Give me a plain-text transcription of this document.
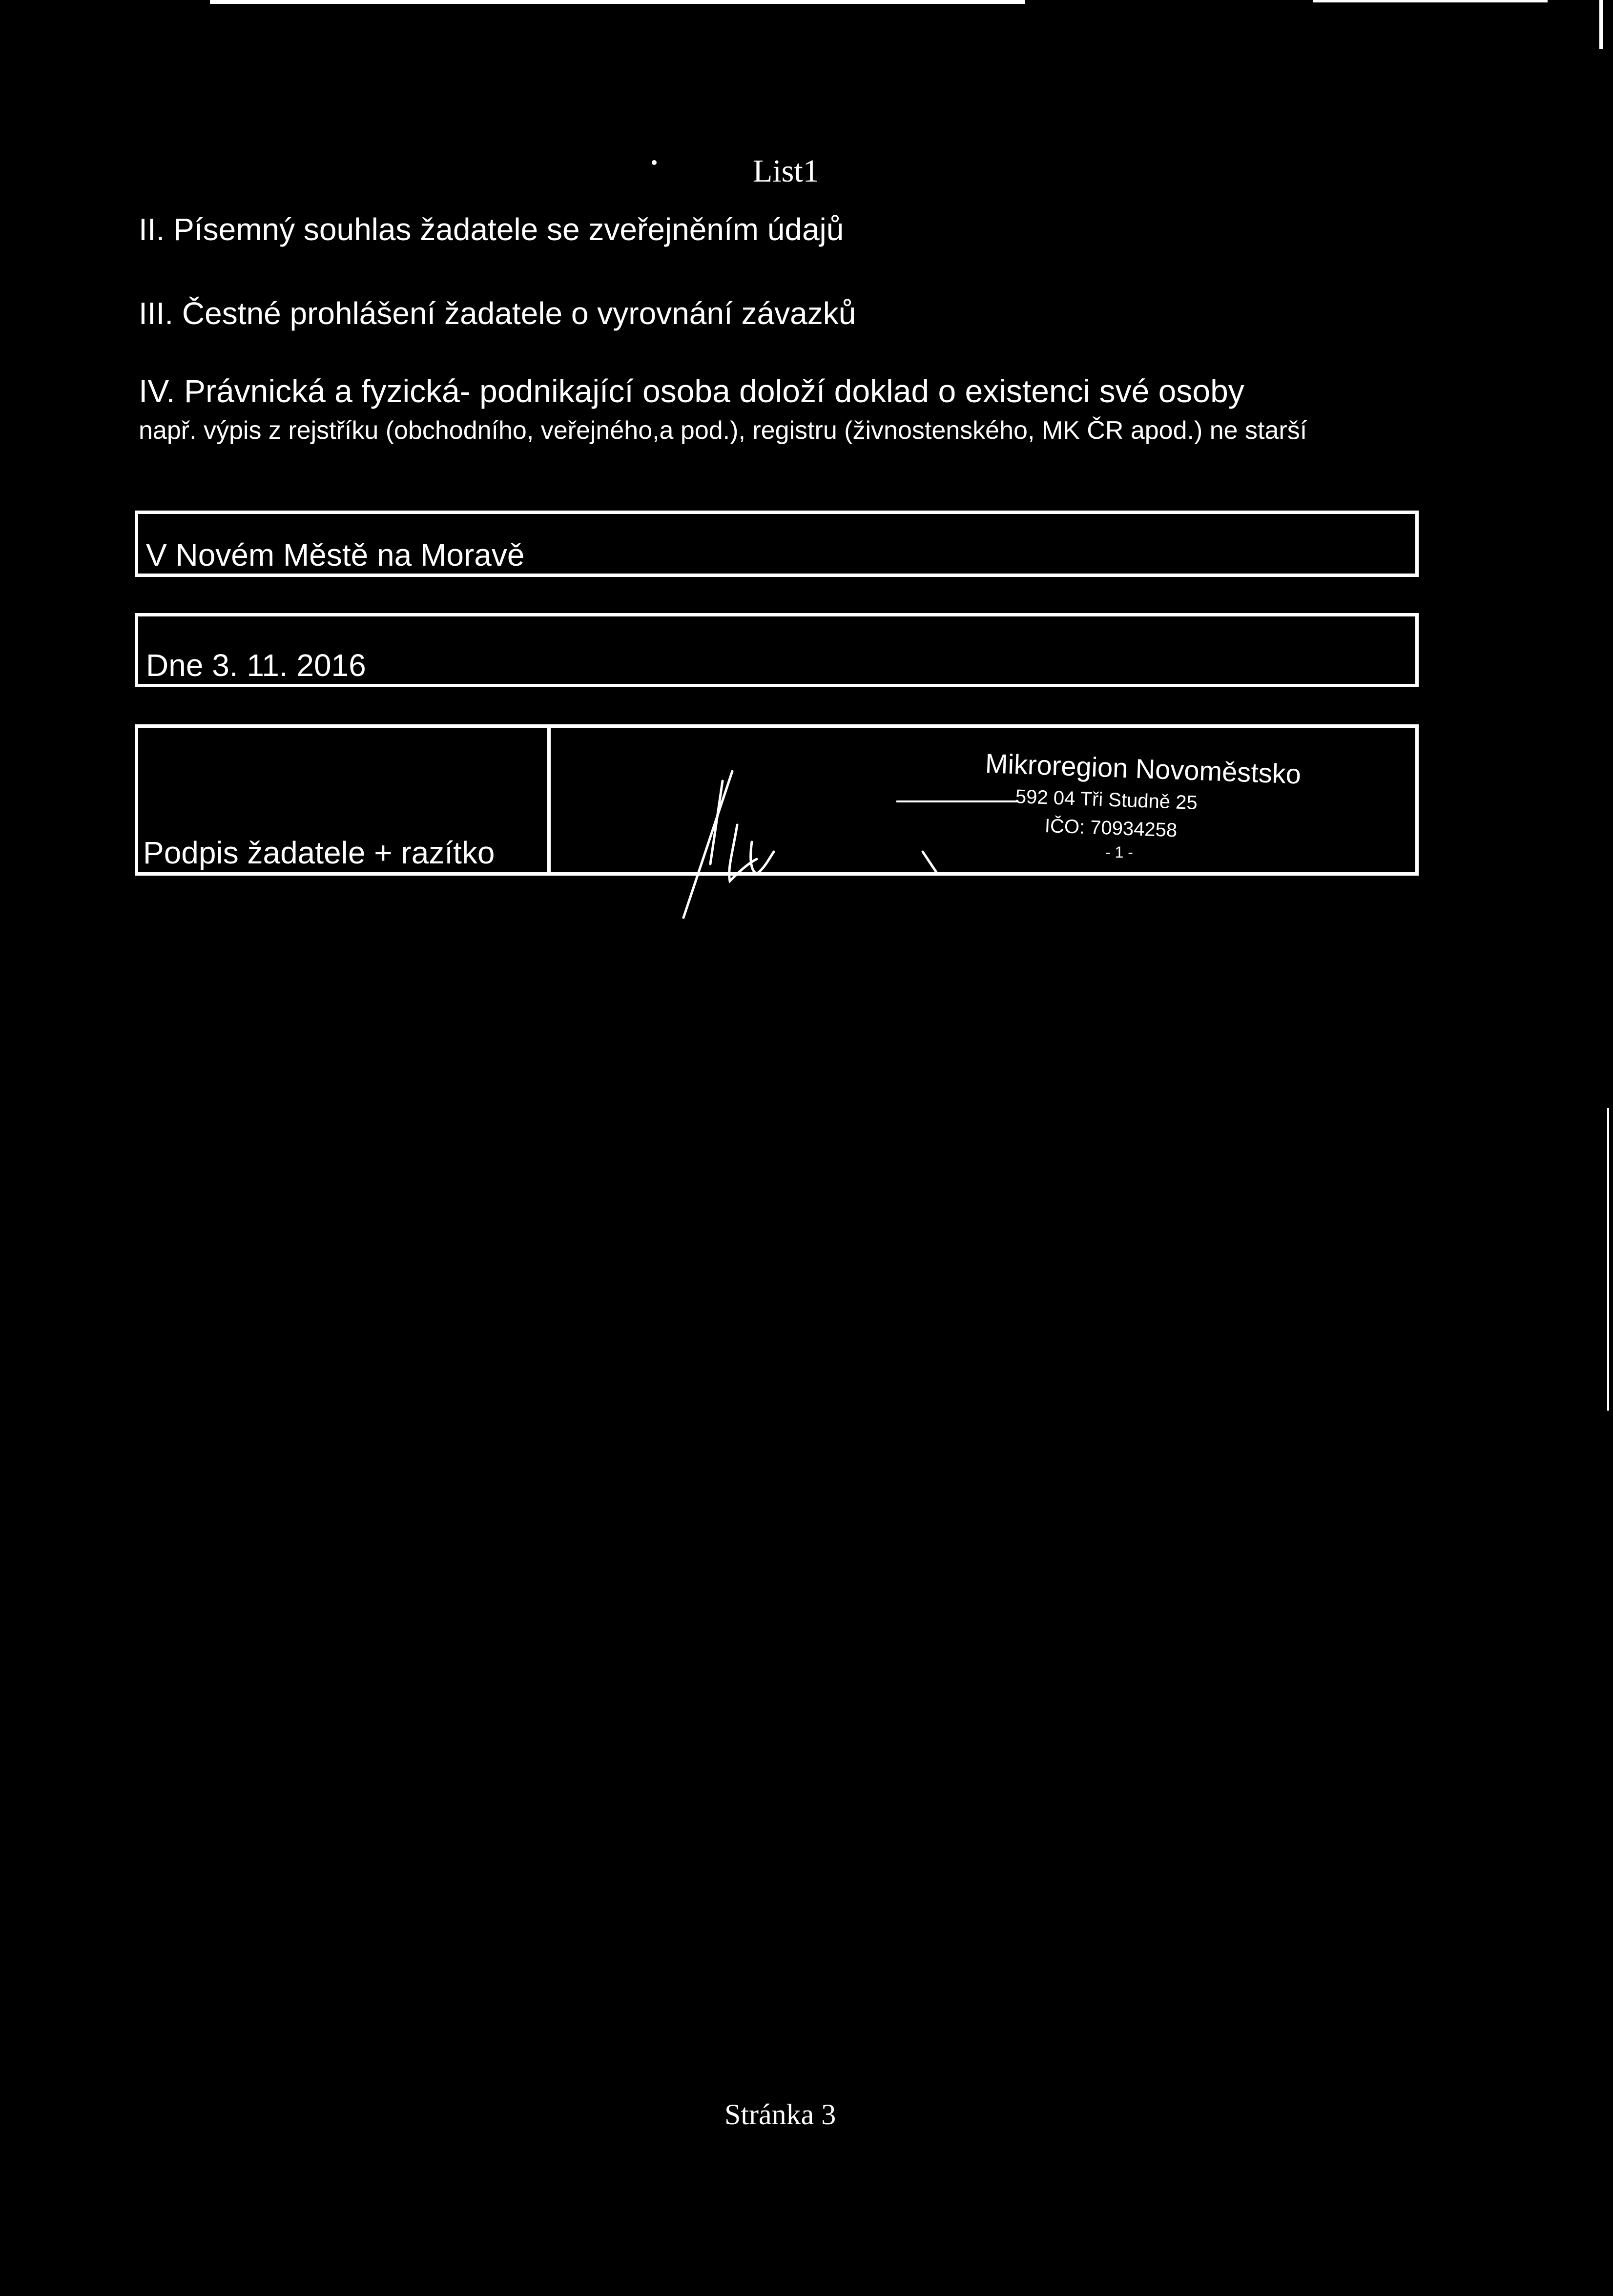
List1
II. Písemný souhlas žadatele se zveřejněním údajů
III. Čestné prohlášení žadatele o vyrovnání závazků
IV. Právnická a fyzická- podnikající osoba doloží doklad o existenci své osoby
např. výpis z rejstříku (obchodního, veřejného,a pod.), registru (živnostenského, MK ČR apod.) ne starší
V Novém Městě na Moravě
Dne 3. 11. 2016
Podpis žadatele + razítko
Mikroregion Novoměstsko
592 04 Tři Studně 25
IČO: 70934258
- 1 -
Stránka 3
